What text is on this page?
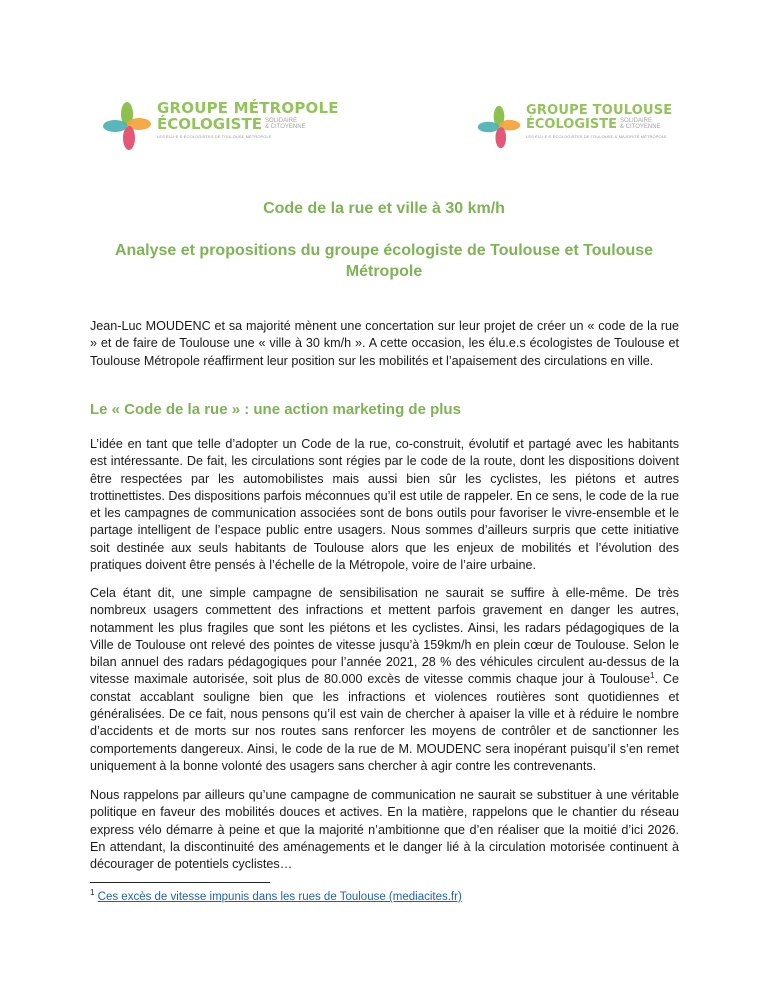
GROUPE MÉTROPOLE
ÉCOLOGISTE SOLIDAIRE
& CITOYENNE
LES ÉLU·E·S ÉCOLOGISTES DE TOULOUSE MÉTROPOLE
GROUPE TOULOUSE
ÉCOLOGISTE SOLIDAIRE
& CITOYENNE
LES ÉLU·E·S ÉCOLOGISTES DE TOULOUSE & MAJORITÉ MÉTROPOLE
Code de la rue et ville à 30 km/h
Analyse et propositions du groupe écologiste de Toulouse et Toulouse Métropole
Jean-Luc MOUDENC et sa majorité mènent une concertation sur leur projet de créer un « code de la rue » et de faire de Toulouse une « ville à 30 km/h ». A cette occasion, les élu.e.s écologistes de Toulouse et Toulouse Métropole réaffirment leur position sur les mobilités et l’apaisement des circulations en ville.
Le « Code de la rue » : une action marketing de plus
L’idée en tant que telle d’adopter un Code de la rue, co-construit, évolutif et partagé avec les habitants est intéressante. De fait, les circulations sont régies par le code de la route, dont les dispositions doivent être respectées par les automobilistes mais aussi bien sûr les cyclistes, les piétons et autres trottinettistes. Des dispositions parfois méconnues qu’il est utile de rappeler. En ce sens, le code de la rue et les campagnes de communication associées sont de bons outils pour favoriser le vivre-ensemble et le partage intelligent de l’espace public entre usagers. Nous sommes d’ailleurs surpris que cette initiative soit destinée aux seuls habitants de Toulouse alors que les enjeux de mobilités et l’évolution des pratiques doivent être pensés à l’échelle de la Métropole, voire de l’aire urbaine.
Cela étant dit, une simple campagne de sensibilisation ne saurait se suffire à elle-même. De très nombreux usagers commettent des infractions et mettent parfois gravement en danger les autres, notamment les plus fragiles que sont les piétons et les cyclistes. Ainsi, les radars pédagogiques de la Ville de Toulouse ont relevé des pointes de vitesse jusqu’à 159km/h en plein cœur de Toulouse. Selon le bilan annuel des radars pédagogiques pour l’année 2021, 28 % des véhicules circulent au-dessus de la vitesse maximale autorisée, soit plus de 80.000 excès de vitesse commis chaque jour à Toulouse$^1$. Ce constat accablant souligne bien que les infractions et violences routières sont quotidiennes et généralisées. De ce fait, nous pensons qu’il est vain de chercher à apaiser la ville et à réduire le nombre d’accidents et de morts sur nos routes sans renforcer les moyens de contrôler et de sanctionner les comportements dangereux. Ainsi, le code de la rue de M. MOUDENC sera inopérant puisqu’il s’en remet uniquement à la bonne volonté des usagers sans chercher à agir contre les contrevenants.
Nous rappelons par ailleurs qu’une campagne de communication ne saurait se substituer à une véritable politique en faveur des mobilités douces et actives. En la matière, rappelons que le chantier du réseau express vélo démarre à peine et que la majorité n’ambitionne que d’en réaliser que la moitié d’ici 2026. En attendant, la discontinuité des aménagements et le danger lié à la circulation motorisée continuent à décourager de potentiels cyclistes…
$^1$ Ces excès de vitesse impunis dans les rues de Toulouse (mediacites.fr)
